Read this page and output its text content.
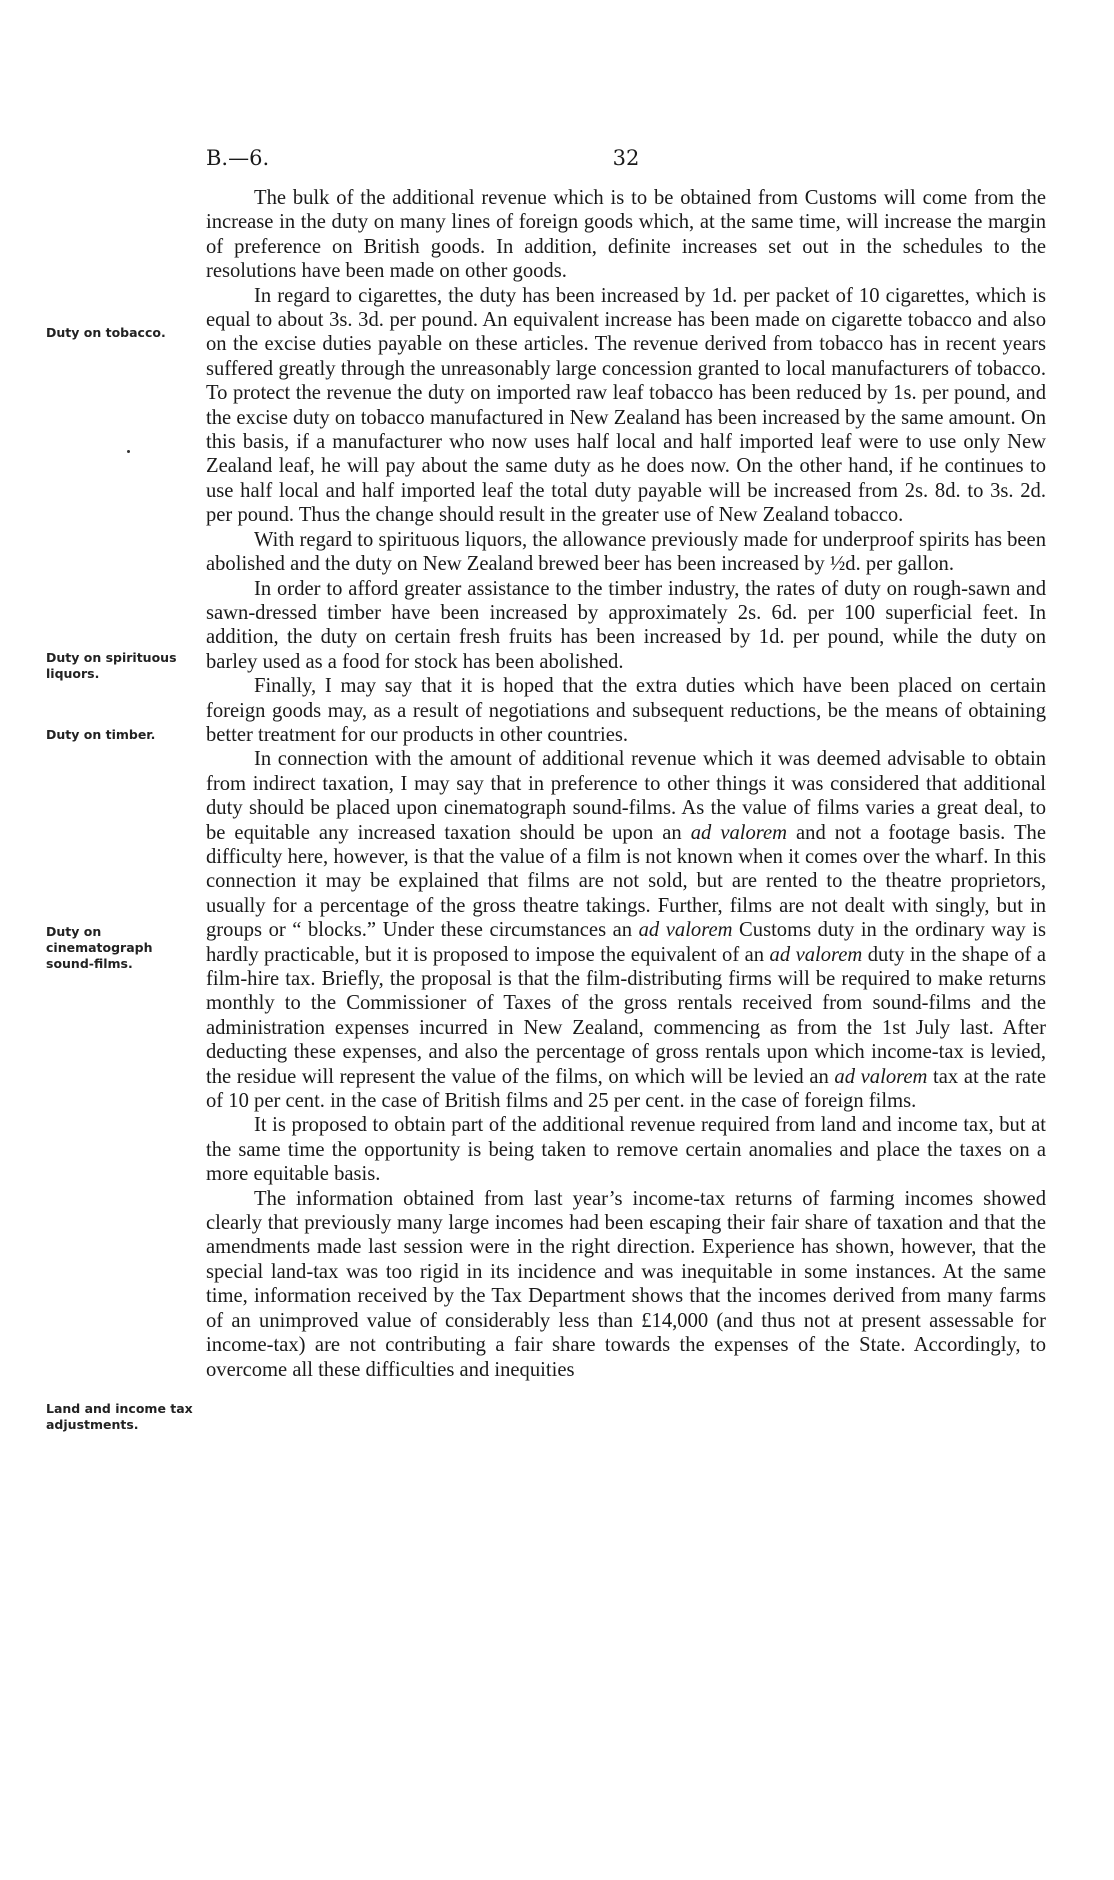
B.—6.	32
Duty on tobacco.
Duty on spirituous liquors.
Duty on timber.
Duty on cinematograph sound-films.
Land and income tax adjustments.

The bulk of the additional revenue which is to be obtained from Customs will come from the increase in the duty on many lines of foreign goods which, at the same time, will increase the margin of preference on British goods. In addition, definite increases set out in the schedules to the resolutions have been made on other goods.

In regard to cigarettes, the duty has been increased by 1d. per packet of 10 cigarettes, which is equal to about 3s. 3d. per pound. An equivalent increase has been made on cigarette tobacco and also on the excise duties payable on these articles. The revenue derived from tobacco has in recent years suffered greatly through the unreasonably large concession granted to local manufacturers of tobacco. To protect the revenue the duty on imported raw leaf tobacco has been reduced by 1s. per pound, and the excise duty on tobacco manufactured in New Zealand has been increased by the same amount. On this basis, if a manufacturer who now uses half local and half imported leaf were to use only New Zealand leaf, he will pay about the same duty as he does now. On the other hand, if he continues to use half local and half imported leaf the total duty payable will be increased from 2s. 8d. to 3s. 2d. per pound. Thus the change should result in the greater use of New Zealand tobacco.

With regard to spirituous liquors, the allowance previously made for underproof spirits has been abolished and the duty on New Zealand brewed beer has been increased by ½d. per gallon.

In order to afford greater assistance to the timber industry, the rates of duty on rough-sawn and sawn-dressed timber have been increased by approximately 2s. 6d. per 100 superficial feet. In addition, the duty on certain fresh fruits has been increased by 1d. per pound, while the duty on barley used as a food for stock has been abolished.

Finally, I may say that it is hoped that the extra duties which have been placed on certain foreign goods may, as a result of negotiations and subsequent reductions, be the means of obtaining better treatment for our products in other countries.

In connection with the amount of additional revenue which it was deemed advisable to obtain from indirect taxation, I may say that in preference to other things it was considered that additional duty should be placed upon cinematograph sound-films. As the value of films varies a great deal, to be equitable any increased taxation should be upon an ad valorem and not a footage basis. The difficulty here, however, is that the value of a film is not known when it comes over the wharf. In this connection it may be explained that films are not sold, but are rented to the theatre proprietors, usually for a percentage of the gross theatre takings. Further, films are not dealt with singly, but in groups or “ blocks.” Under these circumstances an ad valorem Customs duty in the ordinary way is hardly practicable, but it is proposed to impose the equivalent of an ad valorem duty in the shape of a film-hire tax. Briefly, the proposal is that the film-distributing firms will be required to make returns monthly to the Commissioner of Taxes of the gross rentals received from sound-films and the administration expenses incurred in New Zealand, commencing as from the 1st July last. After deducting these expenses, and also the percentage of gross rentals upon which income-tax is levied, the residue will represent the value of the films, on which will be levied an ad valorem tax at the rate of 10 per cent. in the case of British films and 25 per cent. in the case of foreign films.

It is proposed to obtain part of the additional revenue required from land and income tax, but at the same time the opportunity is being taken to remove certain anomalies and place the taxes on a more equitable basis.

The information obtained from last year’s income-tax returns of farming incomes showed clearly that previously many large incomes had been escaping their fair share of taxation and that the amendments made last session were in the right direction. Experience has shown, however, that the special land-tax was too rigid in its incidence and was inequitable in some instances. At the same time, information received by the Tax Department shows that the incomes derived from many farms of an unimproved value of considerably less than £14,000 (and thus not at present assessable for income-tax) are not contributing a fair share towards the expenses of the State. Accordingly, to overcome all these difficulties and inequities
